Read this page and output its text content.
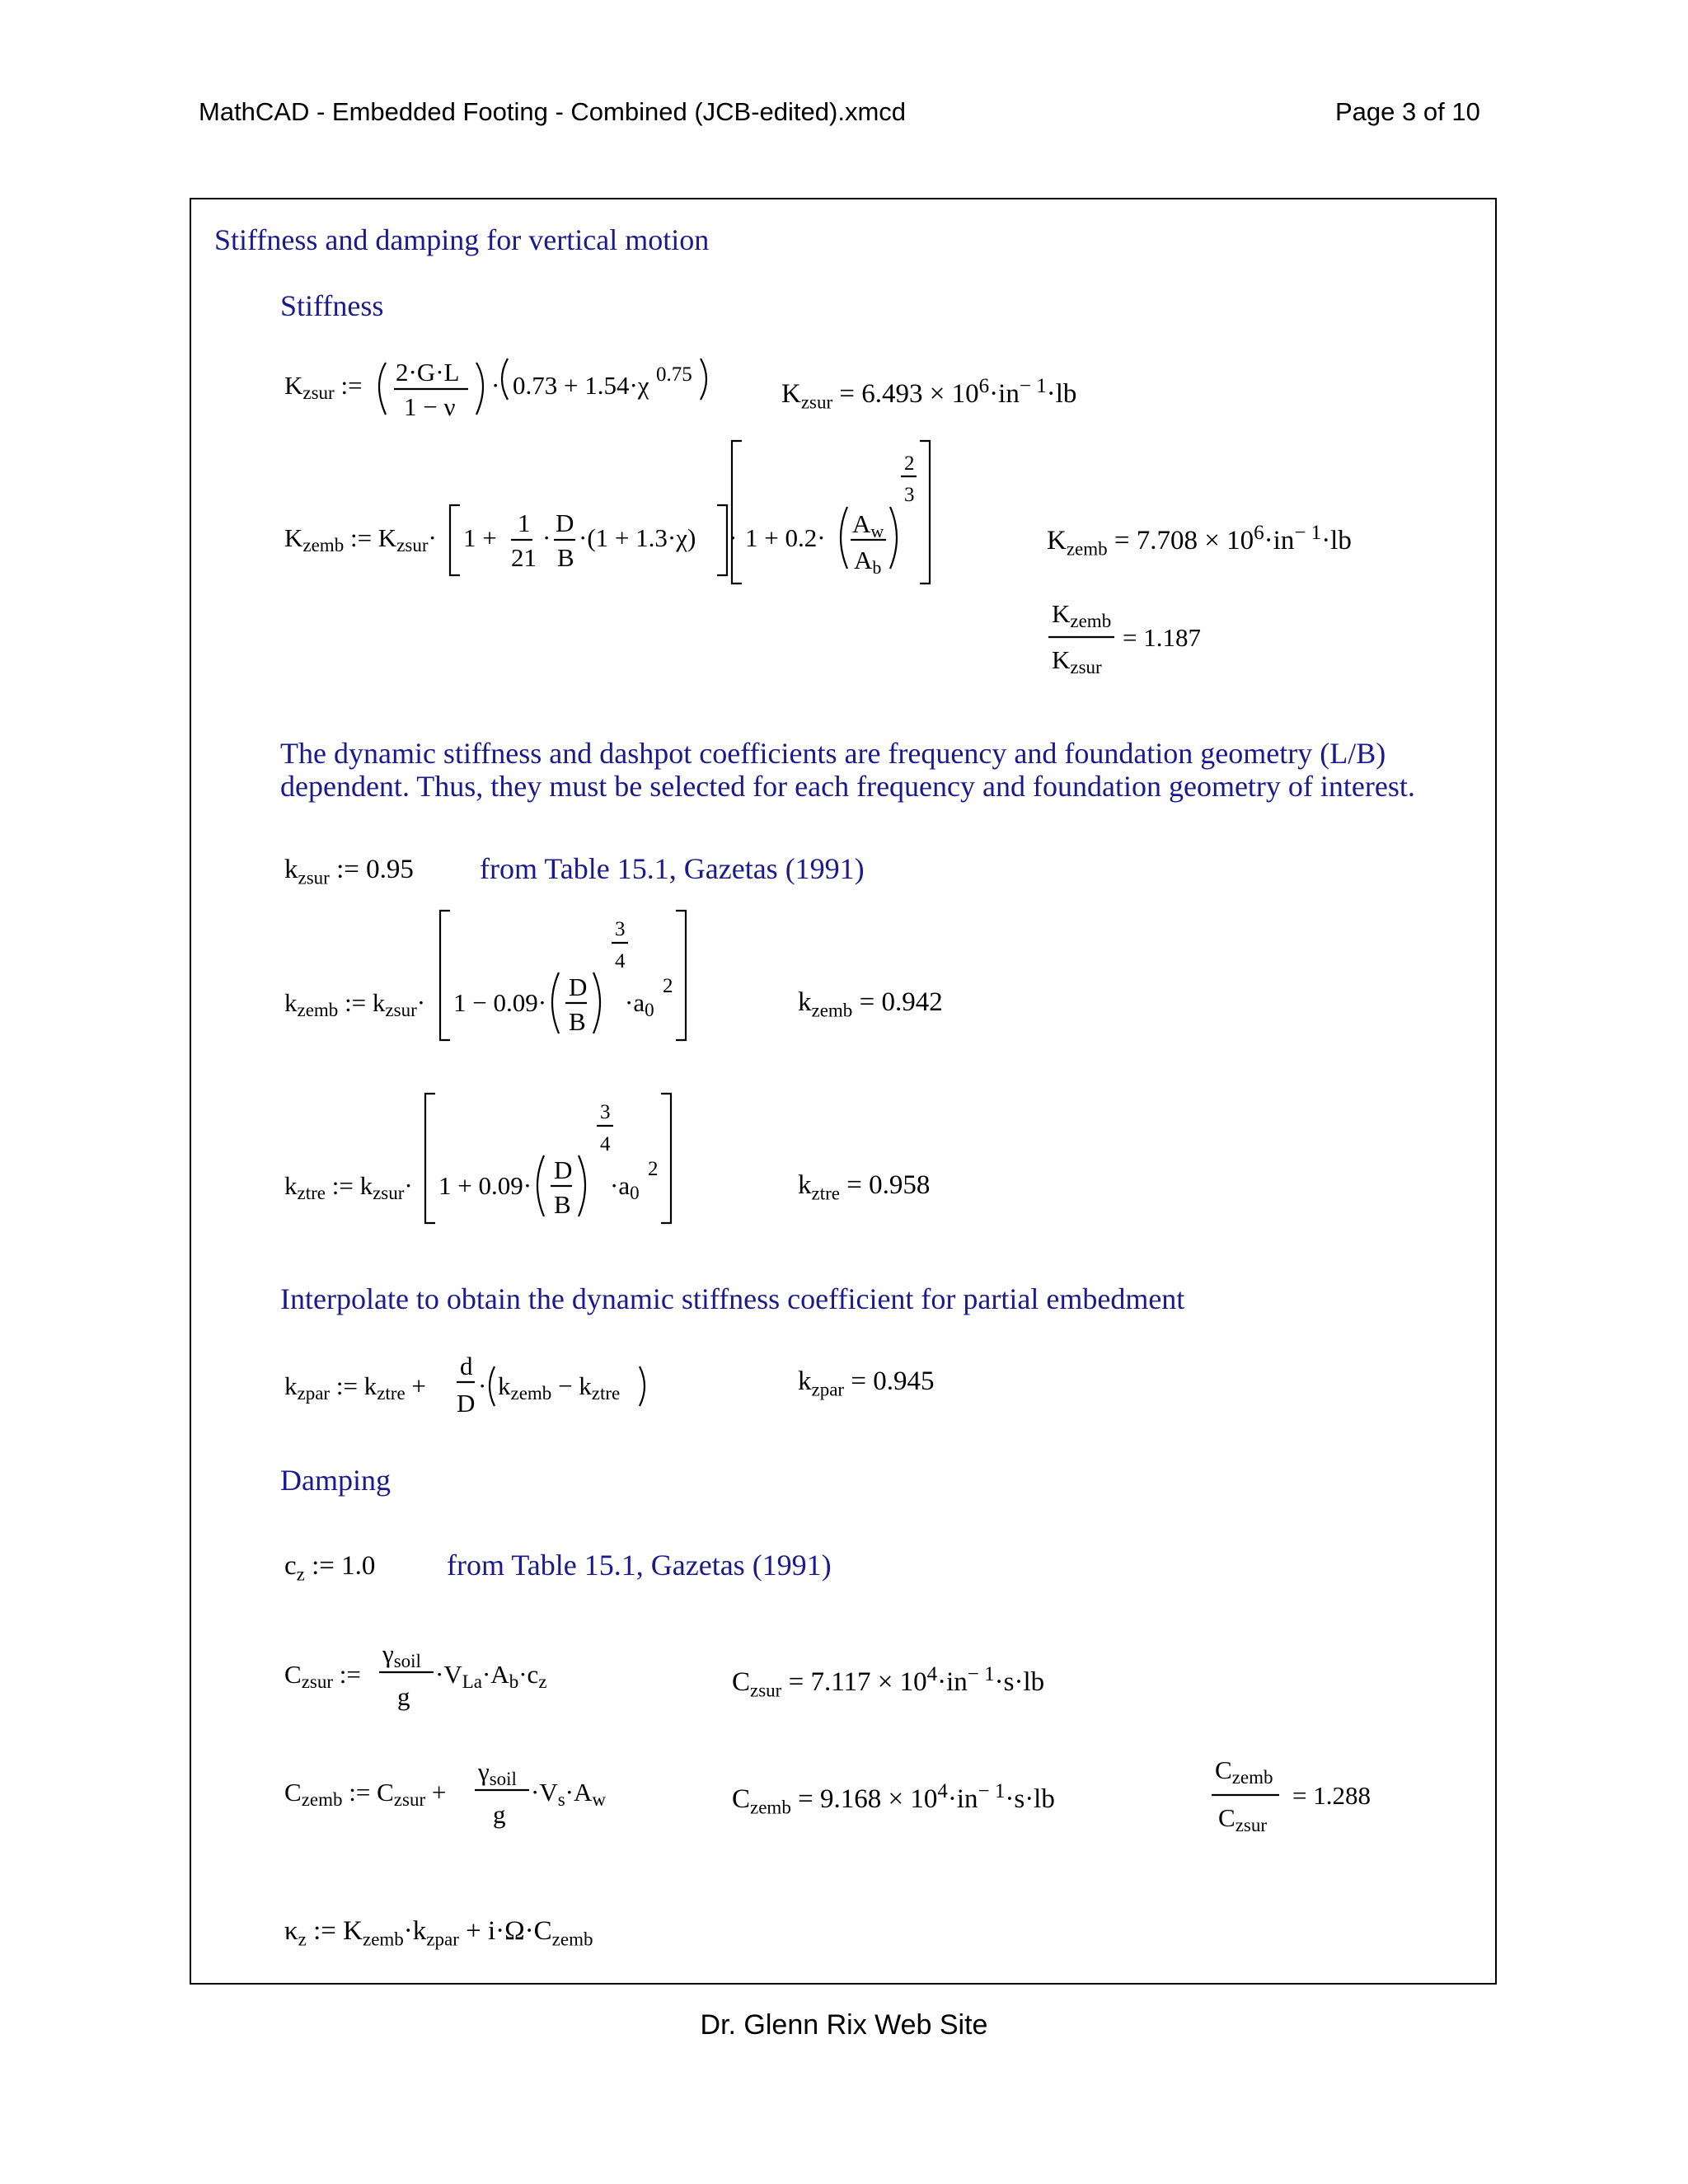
MathCAD - Embedded Footing - Combined (JCB-edited).xmcd	Page 3 of 10
Stiffness and damping for vertical motion
Stiffness
The dynamic stiffness and dashpot coefficients are frequency and foundation geometry (L/B)
dependent. Thus, they must be selected for each frequency and foundation geometry of interest.
from Table 15.1, Gazetas (1991)
Interpolate to obtain the dynamic stiffness coefficient for partial embedment
Damping
from Table 15.1, Gazetas (1991)
Kzsur := 2·G·L
1 − ν
· 0.73 + 1.54·χ 0.75
$K_{zsur} = 6.493 \times 10^6\cdot in^{- 1}\cdot lb$
Kzemb := Kzsur· 1 +
1
21
·
D
B
·(1 + 1.3·χ) · 1 + 0.2· Aw
Ab
2
3
$K_{zemb} = 7.708 \times 10^6\cdot in^{- 1}\cdot lb$
Kzemb
Kzsur
= 1.187
$k_{zsur}$ := 0.95
kzemb := kzsur· 1 − 0.09·
D
B
3
4
·a0
2
$k_{zemb} = 0.942$
kztre := kzsur· 1 + 0.09·
D
B
3
4
·a0
2
$k_{ztre} = 0.958$
kzpar := kztre +
d
D
· kzemb − kztre	$k_{zpar} = 0.945$
$c_z$ := 1.0
Czsur :=
γsoil
g
·VLa·Ab·cz	$C_{zsur} = 7.117 \times 10^4\cdot in^{- 1}\cdot s\cdot lb$
Czemb := Czsur +
γsoil
g
·Vs·Aw	$C_{zemb} = 9.168 \times 10^4\cdot in^{- 1}\cdot s\cdot lb$
Czemb
Czsur
= 1.288
$\kappa_z$ := $K_{zemb}\cdot k_{zpar} + i\cdot\Omega\cdot C_{zemb}$
Dr. Glenn Rix Web Site
